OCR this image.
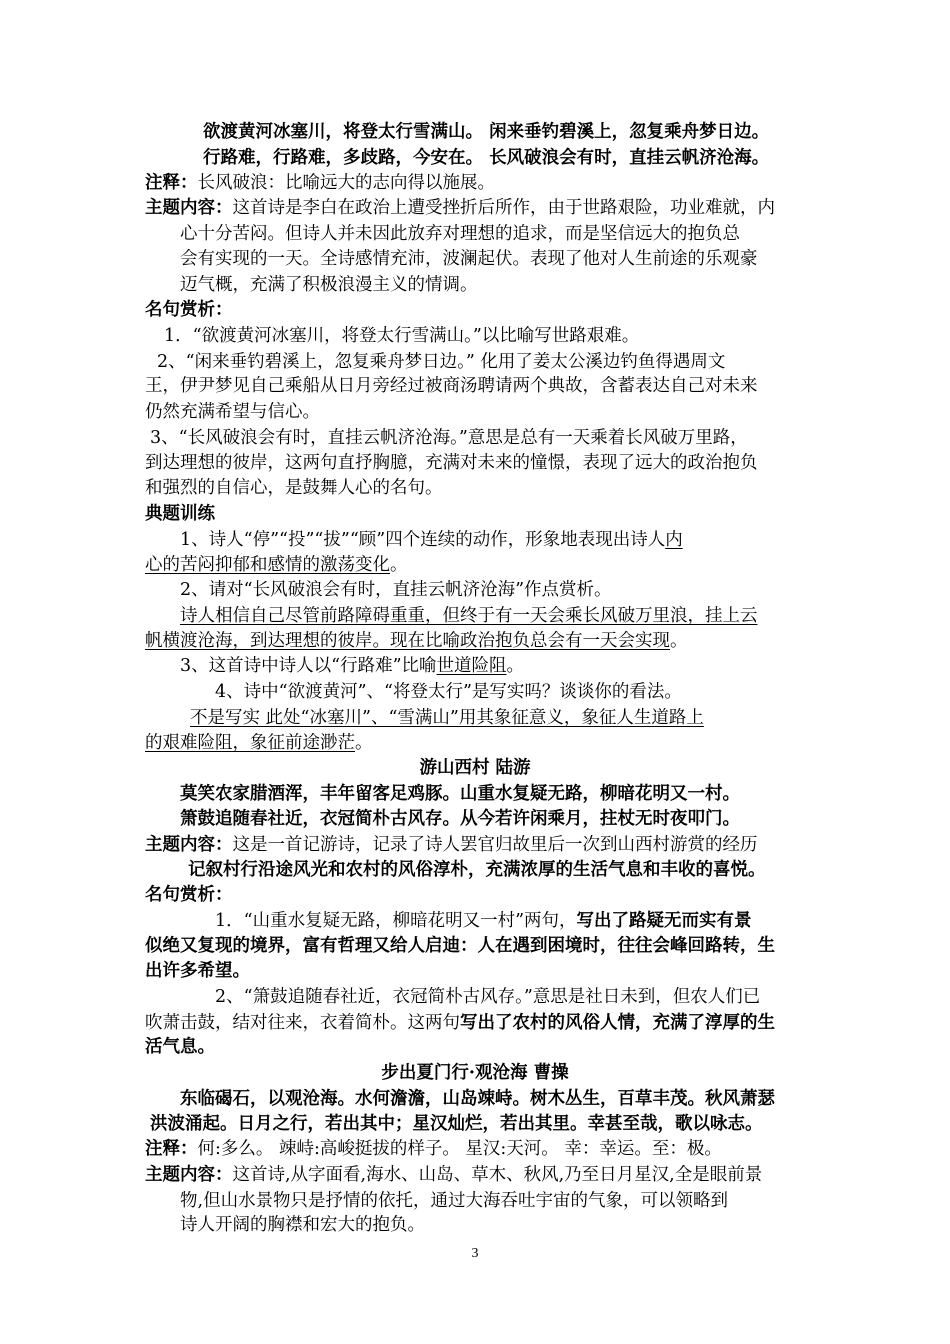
欲渡黄河冰塞川，将登太行雪满山。 闲来垂钓碧溪上，忽复乘舟梦日边。
行路难，行路难，多歧路，今安在。 长风破浪会有时，直挂云帆济沧海。
注释：长风破浪：比喻远大的志向得以施展。
主题内容：这首诗是李白在政治上遭受挫折后所作，由于世路艰险，功业难就，内
心十分苦闷。但诗人并未因此放弃对理想的追求，而是坚信远大的抱负总
会有实现的一天。全诗感情充沛，波澜起伏。表现了他对人生前途的乐观豪
迈气概，充满了积极浪漫主义的情调。
名句赏析：
1．“欲渡黄河冰塞川，将登太行雪满山。”以比喻写世路艰难。
2、“闲来垂钓碧溪上，忽复乘舟梦日边。” 化用了姜太公溪边钓鱼得遇周文
王，伊尹梦见自己乘船从日月旁经过被商汤聘请两个典故，含蓄表达自己对未来
仍然充满希望与信心。
3、“长风破浪会有时，直挂云帆济沧海。”意思是总有一天乘着长风破万里路，
到达理想的彼岸，这两句直抒胸臆，充满对未来的憧憬，表现了远大的政治抱负
和强烈的自信心，是鼓舞人心的名句。
典题训练
1、诗人“停”“投”“拔”“顾”四个连续的动作，形象地表现出诗人内
心的苦闷抑郁和感情的激荡变化。
2、请对“长风破浪会有时，直挂云帆济沧海”作点赏析。
诗人相信自己尽管前路障碍重重，但终于有一天会乘长风破万里浪，挂上云
帆横渡沧海，到达理想的彼岸。现在比喻政治抱负总会有一天会实现。
3、这首诗中诗人以“行路难”比喻世道险阻。
4、诗中“欲渡黄河”、“将登太行”是写实吗？谈谈你的看法。
不是写实 此处“冰塞川”、“雪满山”用其象征意义，象征人生道路上
的艰难险阻，象征前途渺茫。
游山西村 陆游
莫笑农家腊酒浑，丰年留客足鸡豚。山重水复疑无路，柳暗花明又一村。
箫鼓追随春社近，衣冠简朴古风存。从今若许闲乘月，拄杖无时夜叩门。
主题内容：这是一首记游诗，记录了诗人罢官归故里后一次到山西村游赏的经历
记叙村行沿途风光和农村的风俗淳朴，充满浓厚的生活气息和丰收的喜悦。
名句赏析：
1．“山重水复疑无路，柳暗花明又一村”两句，写出了路疑无而实有景
似绝又复现的境界，富有哲理又给人启迪：人在遇到困境时，往往会峰回路转，生
出许多希望。
2、“箫鼓追随春社近，衣冠简朴古风存。”意思是社日未到，但农人们已
吹萧击鼓，结对往来，衣着简朴。这两句写出了农村的风俗人情，充满了淳厚的生
活气息。
步出夏门行·观沧海 曹操
东临碣石，以观沧海。水何澹澹，山岛竦峙。树木丛生，百草丰茂。秋风萧瑟
洪波涌起。日月之行，若出其中；星汉灿烂，若出其里。幸甚至哉，歌以咏志。
注释：何:多么。 竦峙:高峻挺拔的样子。 星汉:天河。 幸：幸运。至：极。
主题内容：这首诗,从字面看,海水、山岛、草木、秋风,乃至日月星汉,全是眼前景
物,但山水景物只是抒情的依托，通过大海吞吐宇宙的气象，可以领略到
诗人开阔的胸襟和宏大的抱负。
3
